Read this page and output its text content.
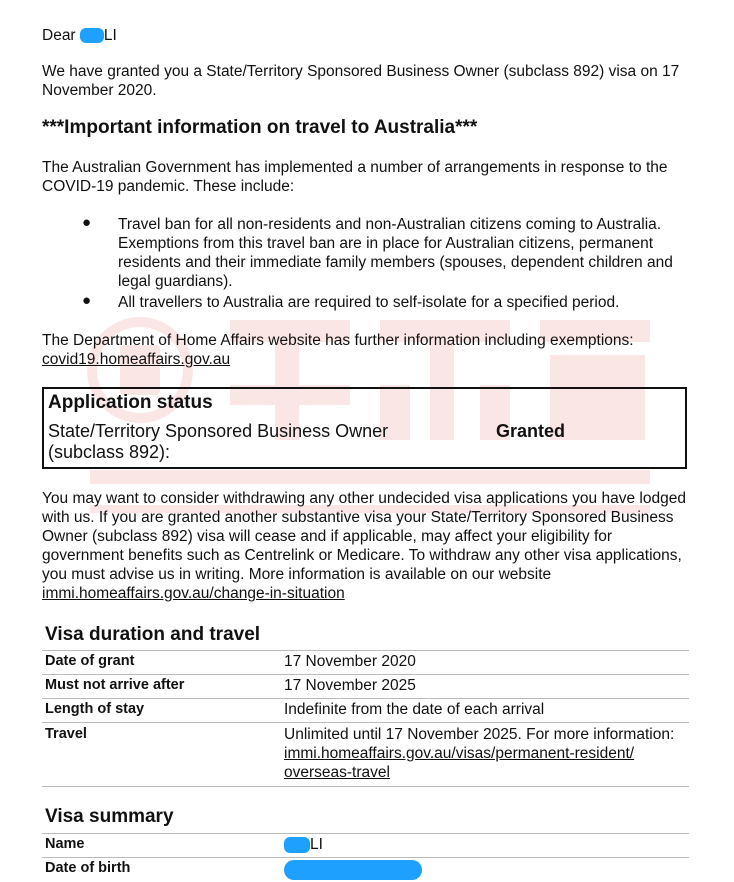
Dear LI
We have granted you a State/Territory Sponsored Business Owner (subclass 892) visa on 17 November 2020.
***Important information on travel to Australia***
The Australian Government has implemented a number of arrangements in response to the COVID-19 pandemic. These include:
● Travel ban for all non-residents and non-Australian citizens coming to Australia. Exemptions from this travel ban are in place for Australian citizens, permanent residents and their immediate family members (spouses, dependent children and legal guardians).
● All travellers to Australia are required to self-isolate for a specified period.
The Department of Home Affairs website has further information including exemptions:
covid19.homeaffairs.gov.au
Application status
State/Territory Sponsored Business Owner (subclass 892):
Granted
You may want to consider withdrawing any other undecided visa applications you have lodged with us. If you are granted another substantive visa your State/Territory Sponsored Business Owner (subclass 892) visa will cease and if applicable, may affect your eligibility for government benefits such as Centrelink or Medicare. To withdraw any other visa applications, you must advise us in writing. More information is available on our website
immi.homeaffairs.gov.au/change-in-situation
Visa duration and travel
Date of grant	17 November 2020
Must not arrive after	17 November 2025
Length of stay	Indefinite from the date of each arrival
Travel	Unlimited until 17 November 2025. For more information:
immi.homeaffairs.gov.au/visas/permanent-resident/ overseas-travel
Visa summary
Name	LI
Date of birth
